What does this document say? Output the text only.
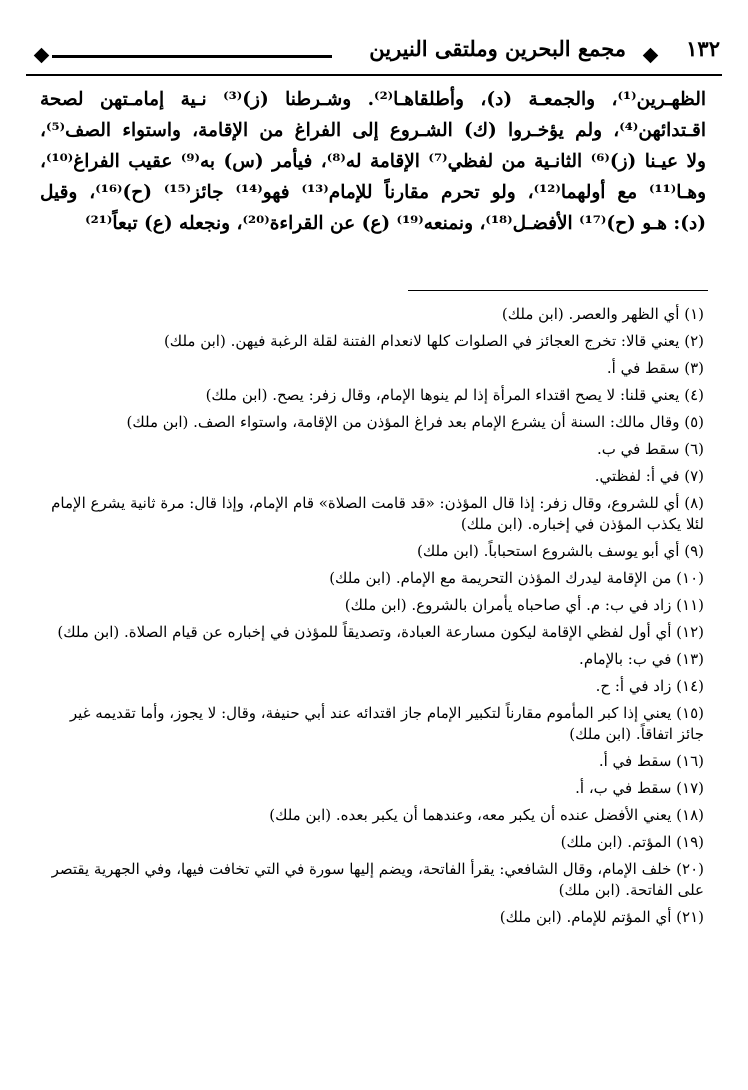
١٣٢
مجمع البحرين وملتقى النيرين
الظهـرين⁽¹⁾، والجمعـة (د)، وأطلقاهـا⁽²⁾. وشـرطنا (ز)⁽³⁾ نـية إمامـتهن لصحة
اقـتدائهن⁽⁴⁾، ولم يؤخـروا (ك) الشـروع إلى الفراغ من الإقامة، واستواء الصف⁽⁵⁾،
ولا عيـنا (ز)⁽⁶⁾ الثانـية من لفظي⁽⁷⁾ الإقامة له⁽⁸⁾، فيأمر (س) به⁽⁹⁾ عقيب الفراغ⁽¹⁰⁾،
وهـا⁽¹¹⁾ مع أولهما⁽¹²⁾، ولو تحرم مقارناً للإمام⁽¹³⁾ فهو⁽¹⁴⁾ جائز⁽¹⁵⁾ (ح)⁽¹⁶⁾، وقيل
(د): هـو (ح)⁽¹⁷⁾ الأفضـل⁽¹⁸⁾، ونمنعه⁽¹⁹⁾ (ع) عن القراءة⁽²⁰⁾، ونجعله (ع) تبعاً⁽²¹⁾

(١) أي الظهر والعصر. (ابن ملك)

(٢) يعني قالا: تخرج العجائز في الصلوات كلها لانعدام الفتنة لقلة الرغبة فيهن. (ابن ملك)

(٣) سقط في أ.

(٤) يعني قلنا: لا يصح اقتداء المرأة إذا لم ينوها الإمام، وقال زفر: يصح. (ابن ملك)

(٥) وقال مالك: السنة أن يشرع الإمام بعد فراغ المؤذن من الإقامة، واستواء الصف. (ابن ملك)

(٦) سقط في ب.

(٧) في أ: لفظتي.

(٨) أي للشروع، وقال زفر: إذا قال المؤذن: «قد قامت الصلاة» قام الإمام، وإذا قال: مرة ثانية يشرع الإمام لئلا يكذب المؤذن في إخباره. (ابن ملك)

(٩) أي أبو يوسف بالشروع استحباباً. (ابن ملك)

(١٠) من الإقامة ليدرك المؤذن التحريمة مع الإمام. (ابن ملك)

(١١) زاد في ب: م. أي صاحباه يأمران بالشروع. (ابن ملك)

(١٢) أي أول لفظي الإقامة ليكون مسارعة العبادة، وتصديقاً للمؤذن في إخباره عن قيام الصلاة. (ابن ملك)

(١٣) في ب: بالإمام.

(١٤) زاد في أ: ح.

(١٥) يعني إذا كبر المأموم مقارناً لتكبير الإمام جاز اقتدائه عند أبي حنيفة، وقال: لا يجوز، وأما تقديمه غير جائز اتفاقاً. (ابن ملك)

(١٦) سقط في أ.

(١٧) سقط في ب، أ.

(١٨) يعني الأفضل عنده أن يكبر معه، وعندهما أن يكبر بعده. (ابن ملك)

(١٩) المؤتم. (ابن ملك)

(٢٠) خلف الإمام، وقال الشافعي: يقرأ الفاتحة، ويضم إليها سورة في التي تخافت فيها، وفي الجهرية يقتصر على الفاتحة. (ابن ملك)

(٢١) أي المؤتم للإمام. (ابن ملك)
